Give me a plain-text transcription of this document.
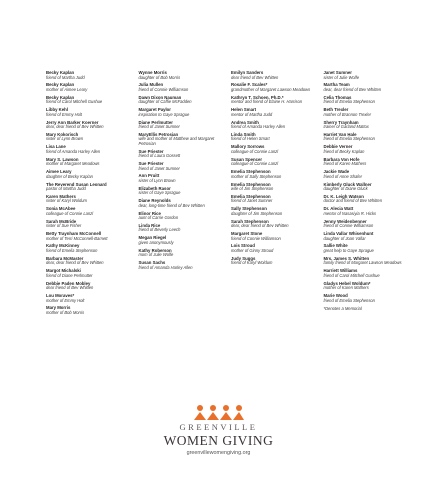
Becky Kaplan
friend of Martha Judd
Becky Kaplan
mother of Aimee Leary
Becky Kaplan
friend of Carol Mitchell Gushue
Libby Kehl
friend of Emmy Holt
Jerry Ann Barker Koerner
dear, dear friend of Bev Whitten
Mary Kokorisch
sister of Lynn Brown
Lisa Lane
friend of Amanda Harley Allen
Mary S. Lawson
mother of Margaret Meadows
Aimee Leary
daughter of Becky Kaplan
The Reverend Susan Leonard
pastor of Martha Judd
Karen Mathers
sister of Karyl Woldum
Sonia McAbee
colleague of Connie Lanzl
Sarah McBride
sister of Sue Fisher
Betty Traynham McConnell
mother of Terri McConnell-Barnett
Kathy McKinney
friend of Emelia Stephenson
Barbara McMaster
dear, dear friend of Bev Whitten
Margot Michalski
friend of Diane Perlmutter
Debbie Paden Mobley
dear friend of Bev Whitten
Lou Moraves*
mother of Emmy Holt
Mary Morris
mother of Bob Morris
Wynne Morris
daughter of Bob Morris
Julia Mullen
friend of Connie Williamson
Dawn Dixon Nauman
daughter of Caffie McFadden
Margaret Paylor
inspiration to Gaye Sprague
Diane Perlmutter
friend of Janet Sumner
MaryEllis Petrosian
wife and mother of Matthew and Margaret Petrosian
Sue Priester
friend of Laura Gossett
Sue Priester
friend of Janet Sumner
Ann Pruitt
sister of Lynn Brown
Elizabeth Rasor
sister of Gaye Sprague
Diane Reynolds
dear, long-time friend of Bev Whitten
Elinor Rice
aunt of Carrie Gordon
Linda Rice
friend of Beverly Leech
Megan Riegel
given anonymously
Kathy Roberson
mom of Julie Wolfe
Susan Sachs
friend of Amanda Harley Allen
Emilyn Sanders
dear friend of Bev Whitten
Rosalie F. Scales*
grandmother of Margaret Lawson Meadows
Kathryn T. Schoen, Ph.D.*
mentor and friend of Elaine H. Harrison
Helen Smart
mentor of Martha Judd
Andrea Smith
friend of Amanda Harley Allen
Linda Smith
friend of Helen Smart
Mallory Sorrows
colleague of Connie Lanzl
Susan Spencer
colleague of Connie Lanzl
Emelia Stephenson
mother of Sally Stephenson
Emelia Stephenson
wife of Jim Stephenson
Emelia Stephenson
friend of Janet Sumner
Sally Stephenson
daughter of Jim Stephenson
Sarah Stephenson
dear, dear friend of Bev Whitten
Margaret Stone
friend of Connie Williamson
Lois Stroud
mother of Ginny Stroud
Judy Suggs
friend of Karyl Woldum
Janet Sumner
sister of Julie Wolfe
Martha Team
dear, dear friend of Bev Whitten
Celia Thomas
friend of Emelia Stephenson
Beth Trexler
mother of Brannon Trexler
Sherry Traynham
trainer of Garland Mattox
Harriet Van Hale
friend of Emelia Stephenson
Debbie Verner
friend of Becky Kaplan
Barbara Von Hofe
friend of Karen Mathers
Jackie Wade
friend of Anne Shafer
Kimberly Gluck Wallner
daughter of Diane Gluck
Dr. K. Leigh Watson
doctor and friend of Bev Whitten
Dr. Alecia Watt
mentor of Nasasiyia R. Hicks
Jenny Weidenbenner
friend of Connie Williamson
Linda Vallar Whisenhunt
daughter of Joan Vallar
Sallie White
great help to Gaye Sprague
Mrs. James S. Whitten
family friend of Margaret Lawson Meadows
Harriett Williams
friend of Carol Mitchell Gushue
Gladys Hebel Woldum*
mother of Karen Mathers
Marie Wood
friend of Emelia Stephenson
*Denotes a Memorial
GREENVILLE
WOMEN GIVING
greenvillewomengiving.org
